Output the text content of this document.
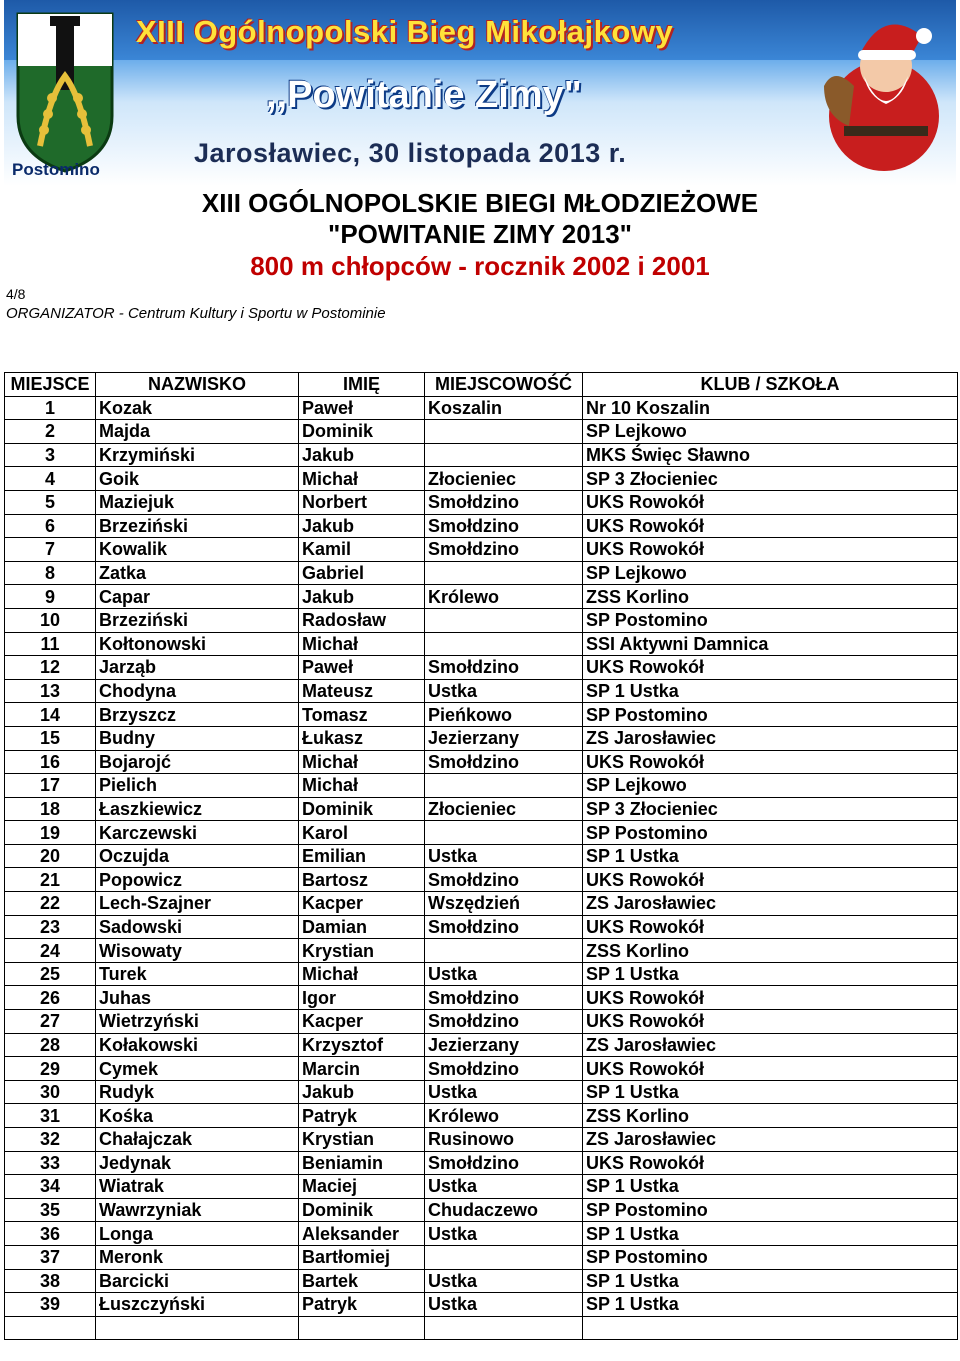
Postomino
XIII Ogólnopolski Bieg Mikołajkowy
,,Powitanie Zimy"
Jarosławiec, 30 listopada 2013 r.
XIII OGÓLNOPOLSKIE BIEGI MŁODZIEŻOWE
"POWITANIE ZIMY 2013"
800 m chłopców - rocznik 2002 i 2001
4/8
ORGANIZATOR - Centrum Kultury i Sportu w Postominie
MIEJSCE	NAZWISKO	IMIĘ	MIEJSCOWOŚĆ	KLUB / SZKOŁA
1	Kozak	Paweł	Koszalin	Nr 10 Koszalin
2	Majda	Dominik		SP Lejkowo
3	Krzymiński	Jakub		MKS Święc Sławno
4	Goik	Michał	Złocieniec	SP 3 Złocieniec
5	Maziejuk	Norbert	Smołdzino	UKS Rowokół
6	Brzeziński	Jakub	Smołdzino	UKS Rowokół
7	Kowalik	Kamil	Smołdzino	UKS Rowokół
8	Zatka	Gabriel		SP Lejkowo
9	Capar	Jakub	Królewo	ZSS Korlino
10	Brzeziński	Radosław		SP Postomino
11	Kołtonowski	Michał		SSI Aktywni Damnica
12	Jarząb	Paweł	Smołdzino	UKS Rowokół
13	Chodyna	Mateusz	Ustka	SP 1 Ustka
14	Brzyszcz	Tomasz	Pieńkowo	SP Postomino
15	Budny	Łukasz	Jezierzany	ZS Jarosławiec
16	Bojarojć	Michał	Smołdzino	UKS Rowokół
17	Pielich	Michał		SP Lejkowo
18	Łaszkiewicz	Dominik	Złocieniec	SP 3 Złocieniec
19	Karczewski	Karol		SP Postomino
20	Oczujda	Emilian	Ustka	SP 1 Ustka
21	Popowicz	Bartosz	Smołdzino	UKS Rowokół
22	Lech-Szajner	Kacper	Wszędzień	ZS Jarosławiec
23	Sadowski	Damian	Smołdzino	UKS Rowokół
24	Wisowaty	Krystian		ZSS Korlino
25	Turek	Michał	Ustka	SP 1 Ustka
26	Juhas	Igor	Smołdzino	UKS Rowokół
27	Wietrzyński	Kacper	Smołdzino	UKS Rowokół
28	Kołakowski	Krzysztof	Jezierzany	ZS Jarosławiec
29	Cymek	Marcin	Smołdzino	UKS Rowokół
30	Rudyk	Jakub	Ustka	SP 1 Ustka
31	Kośka	Patryk	Królewo	ZSS Korlino
32	Chałajczak	Krystian	Rusinowo	ZS Jarosławiec
33	Jedynak	Beniamin	Smołdzino	UKS Rowokół
34	Wiatrak	Maciej	Ustka	SP 1 Ustka
35	Wawrzyniak	Dominik	Chudaczewo	SP Postomino
36	Longa	Aleksander	Ustka	SP 1 Ustka
37	Meronk	Bartłomiej		SP Postomino
38	Barcicki	Bartek	Ustka	SP 1 Ustka
39	Łuszczyński	Patryk	Ustka	SP 1 Ustka
